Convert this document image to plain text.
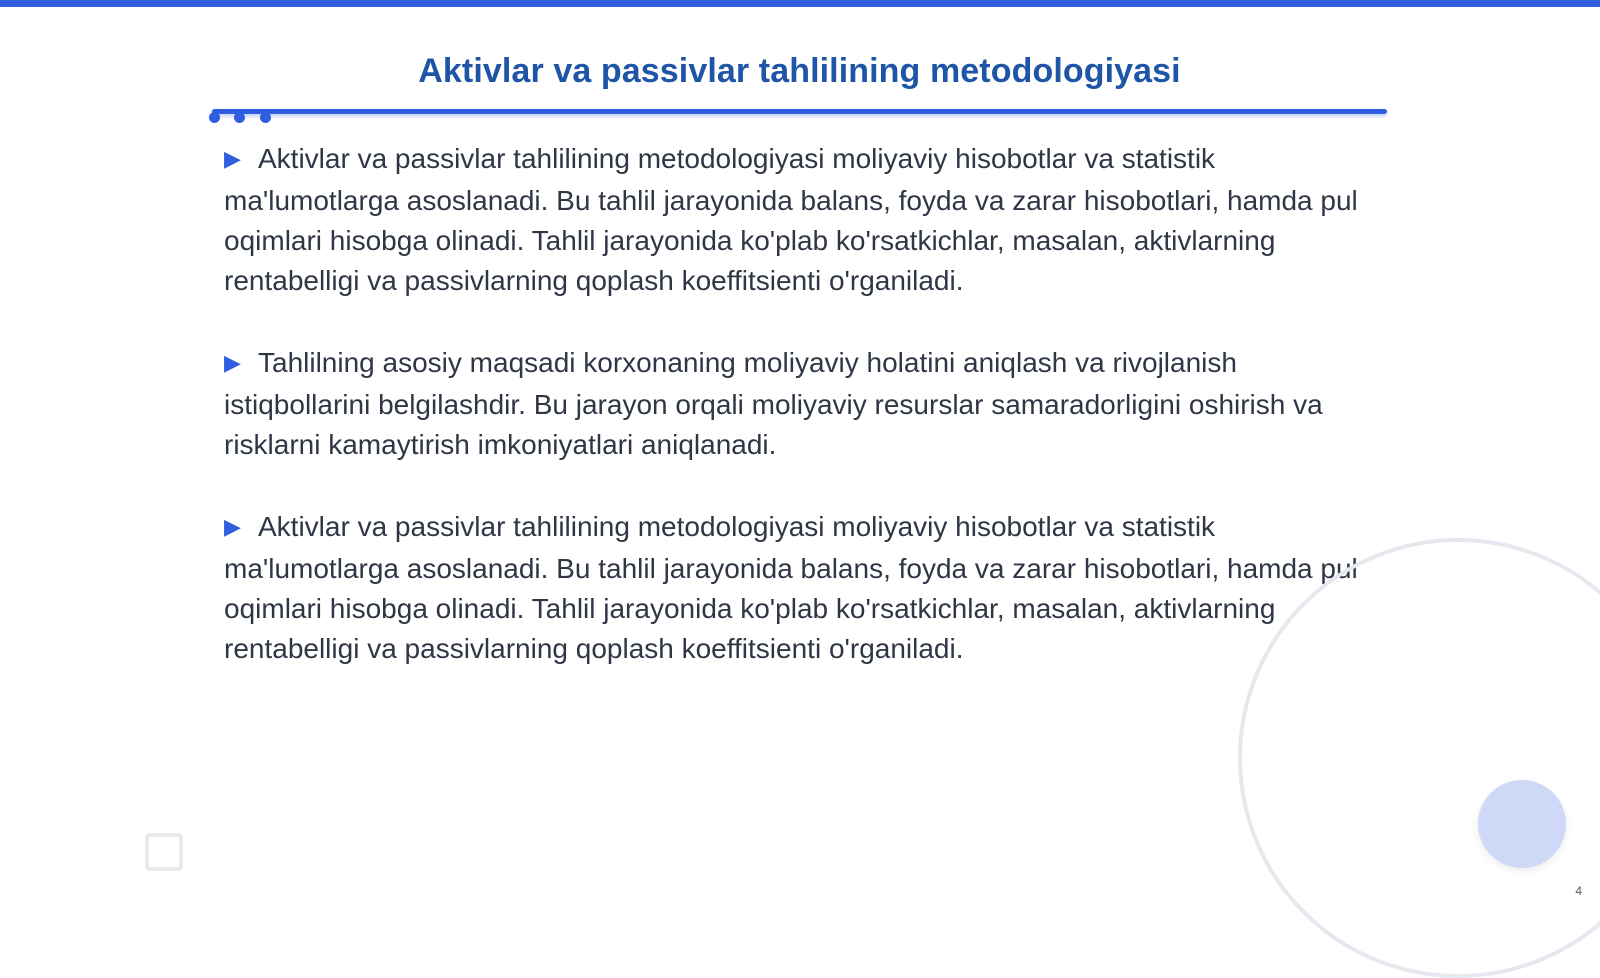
Aktivlar va passivlar tahlilining metodologiyasi

▶ Aktivlar va passivlar tahlilining metodologiyasi moliyaviy hisobotlar va statistik ma'lumotlarga asoslanadi. Bu tahlil jarayonida balans, foyda va zarar hisobotlari, hamda pul oqimlari hisobga olinadi. Tahlil jarayonida ko'plab ko'rsatkichlar, masalan, aktivlarning rentabelligi va passivlarning qoplash koeffitsienti o'rganiladi.

▶ Tahlilning asosiy maqsadi korxonaning moliyaviy holatini aniqlash va rivojlanish istiqbollarini belgilashdir. Bu jarayon orqali moliyaviy resurslar samaradorligini oshirish va risklarni kamaytirish imkoniyatlari aniqlanadi.

▶ Aktivlar va passivlar tahlilining metodologiyasi moliyaviy hisobotlar va statistik ma'lumotlarga asoslanadi. Bu tahlil jarayonida balans, foyda va zarar hisobotlari, hamda pul oqimlari hisobga olinadi. Tahlil jarayonida ko'plab ko'rsatkichlar, masalan, aktivlarning rentabelligi va passivlarning qoplash koeffitsienti o'rganiladi.

4
